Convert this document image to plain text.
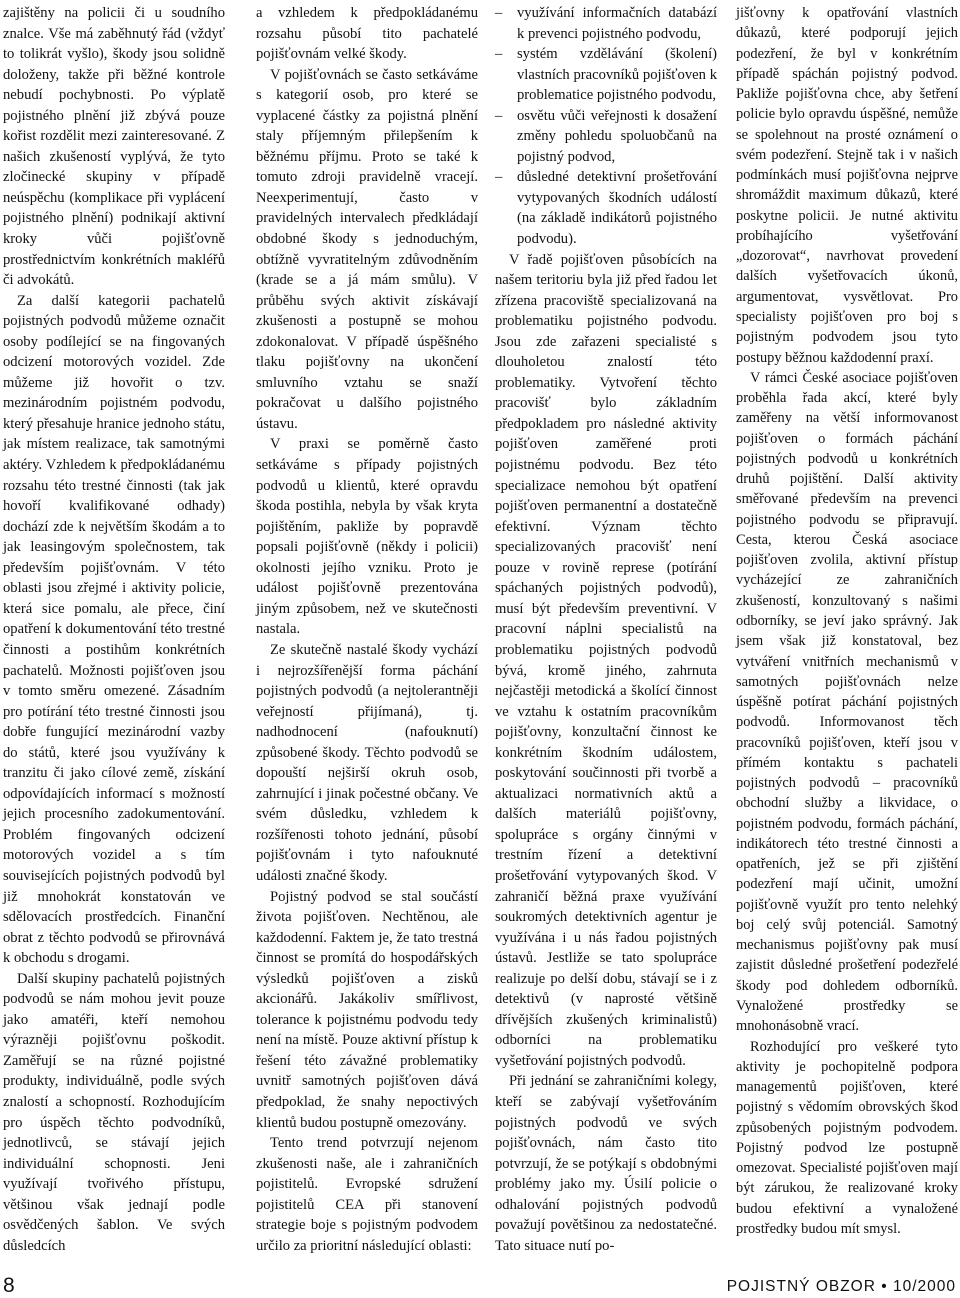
zajištěny na policii či u soudního znalce. Vše má zaběhnutý řád (vždyť to tolikrát vyšlo), škody jsou solidně doloženy, takže při běžné kontrole nebudí pochybnosti. Po výplatě pojistného plnění již zbývá pouze kořist rozdělit mezi zainteresované. Z našich zkušeností vyplývá, že tyto zločinecké skupiny v případě neúspěchu (komplikace při vyplácení pojistného plnění) podnikají aktivní kroky vůči pojišťovně prostřednictvím konkrétních makléřů či advokátů.

Za další kategorii pachatelů pojistných podvodů můžeme označit osoby podílející se na fingovaných odcizení motorových vozidel. Zde můžeme již hovořit o tzv. mezinárodním pojistném podvodu, který přesahuje hranice jednoho státu, jak místem realizace, tak samotnými aktéry. Vzhledem k předpokládanému rozsahu této trestné činnosti (tak jak hovoří kvalifikované odhady) dochází zde k největším škodám a to jak leasingovým společnostem, tak především pojišťovnám. V této oblasti jsou zřejmé i aktivity policie, která sice pomalu, ale přece, činí opatření k dokumentování této trestné činnosti a postihům konkrétních pachatelů. Možnosti pojišťoven jsou v tomto směru omezené. Zásadním pro potírání této trestné činnosti jsou dobře fungující mezinárodní vazby do států, které jsou využívány k tranzitu či jako cílové země, získání odpovídajících informací s možností jejich procesního zadokumentování. Problém fingovaných odcizení motorových vozidel a s tím souvisejících pojistných podvodů byl již mnohokrát konstatován ve sdělovacích prostředcích. Finanční obrat z těchto podvodů se přirovnává k obchodu s drogami.

Další skupiny pachatelů pojistných podvodů se nám mohou jevit pouze jako amatéři, kteří nemohou výrazněji pojišťovnu poškodit. Zaměřují se na různé pojistné produkty, individuálně, podle svých znalostí a schopností. Rozhodujícím pro úspěch těchto podvodníků, jednotlivců, se stávají jejich individuální schopnosti. Jeni využívají tvořivého přístupu, většinou však jednají podle osvědčených šablon. Ve svých důsledcích

a vzhledem k předpokládanému rozsahu působí tito pachatelé pojišťovnám velké škody.

V pojišťovnách se často setkáváme s kategorií osob, pro které se vyplacené částky za pojistná plnění staly příjemným přilepšením k běžnému příjmu. Proto se také k tomuto zdroji pravidelně vracejí. Neexperimentují, často v pravidelných intervalech předkládají obdobné škody s jednoduchým, obtížně vyvratitelným zdůvodněním (krade se a já mám smůlu). V průběhu svých aktivit získávají zkušenosti a postupně se mohou zdokonalovat. V případě úspěšného tlaku pojišťovny na ukončení smluvního vztahu se snaží pokračovat u dalšího pojistného ústavu.

V praxi se poměrně často setkáváme s případy pojistných podvodů u klientů, které opravdu škoda postihla, nebyla by však kryta pojištěním, pakliže by popravdě popsali pojišťovně (někdy i policii) okolnosti jejího vzniku. Proto je událost pojišťovně prezentována jiným způsobem, než ve skutečnosti nastala.

Ze skutečně nastalé škody vychází i nejrozšířenější forma páchání pojistných podvodů (a nejtolerantněji veřejností přijímaná), tj. nadhodnocení (nafouknutí) způsobené škody. Těchto podvodů se dopouští nejširší okruh osob, zahrnující i jinak počestné občany. Ve svém důsledku, vzhledem k rozšířenosti tohoto jednání, působí pojišťovnám i tyto nafouknuté události značné škody.

Pojistný podvod se stal součástí života pojišťoven. Nechtěnou, ale každodenní. Faktem je, že tato trestná činnost se promítá do hospodářských výsledků pojišťoven a zisků akcionářů. Jakákoliv smířlivost, tolerance k pojistnému podvodu tedy není na místě. Pouze aktivní přístup k řešení této závažné problematiky uvnitř samotných pojišťoven dává předpoklad, že snahy nepoctivých klientů budou postupně omezovány.

Tento trend potvrzují nejenom zkušenosti naše, ale i zahraničních pojistitelů. Evropské sdružení pojistitelů CEA při stanovení strategie boje s pojistným podvodem určilo za prioritní následující oblasti:

– využívání informačních databází k prevenci pojistného podvodu,
– systém vzdělávání (školení) vlastních pracovníků pojišťoven k problematice pojistného podvodu,
– osvětu vůči veřejnosti k dosažení změny pohledu spoluobčanů na pojistný podvod,
– důsledné detektivní prošetřování vytypovaných škodních událostí (na základě indikátorů pojistného podvodu).

V řadě pojišťoven působících na našem teritoriu byla již před řadou let zřízena pracoviště specializovaná na problematiku pojistného podvodu. Jsou zde zařazeni specialisté s dlouholetou znalostí této problematiky. Vytvoření těchto pracovišť bylo základním předpokladem pro následné aktivity pojišťoven zaměřené proti pojistnému podvodu. Bez této specializace nemohou být opatření pojišťoven permanentní a dostatečně efektivní. Význam těchto specializovaných pracovišť není pouze v rovině represe (potírání spáchaných pojistných podvodů), musí být především preventivní. V pracovní náplni specialistů na problematiku pojistných podvodů bývá, kromě jiného, zahrnuta nejčastěji metodická a školící činnost ve vztahu k ostatním pracovníkům pojišťovny, konzultační činnost ke konkrétním škodním událostem, poskytování součinnosti při tvorbě a aktualizaci normativních aktů a dalších materiálů pojišťovny, spolupráce s orgány činnými v trestním řízení a detektivní prošetřování vytypovaných škod. V zahraničí běžná praxe využívání soukromých detektivních agentur je využívána i u nás řadou pojistných ústavů. Jestliže se tato spolupráce realizuje po delší dobu, stávají se i z detektivů (v naprosté většině dřívějších zkušených kriminalistů) odborníci na problematiku vyšetřování pojistných podvodů.

Při jednání se zahraničními kolegy, kteří se zabývají vyšetřováním pojistných podvodů ve svých pojišťovnách, nám často tito potvrzují, že se potýkají s obdobnými problémy jako my. Úsilí policie o odhalování pojistných podvodů považují povětšinou za nedostatečné. Tato situace nutí po-

jišťovny k opatřování vlastních důkazů, které podporují jejich podezření, že byl v konkrétním případě spáchán pojistný podvod. Pakliže pojišťovna chce, aby šetření policie bylo opravdu úspěšné, nemůže se spolehnout na prosté oznámení o svém podezření. Stejně tak i v našich podmínkách musí pojišťovna nejprve shromáždit maximum důkazů, které poskytne policii. Je nutné aktivitu probíhajícího vyšetřování „dozorovat“, navrhovat provedení dalších vyšetřovacích úkonů, argumentovat, vysvětlovat. Pro specialisty pojišťoven pro boj s pojistným podvodem jsou tyto postupy běžnou každodenní praxí.

V rámci České asociace pojišťoven proběhla řada akcí, které byly zaměřeny na větší informovanost pojišťoven o formách páchání pojistných podvodů u konkrétních druhů pojištění. Další aktivity směřované především na prevenci pojistného podvodu se připravují. Cesta, kterou Česká asociace pojišťoven zvolila, aktivní přístup vycházející ze zahraničních zkušeností, konzultovaný s našimi odborníky, se jeví jako správný. Jak jsem však již konstatoval, bez vytváření vnitřních mechanismů v samotných pojišťovnách nelze úspěšně potírat páchání pojistných podvodů. Informovanost těch pracovníků pojišťoven, kteří jsou v přímém kontaktu s pachateli pojistných podvodů – pracovníků obchodní služby a likvidace, o pojistném podvodu, formách páchání, indikátorech této trestné činnosti a opatřeních, jež se při zjištění podezření mají učinit, umožní pojišťovně využít pro tento nelehký boj celý svůj potenciál. Samotný mechanismus pojišťovny pak musí zajistit důsledné prošetření podezřelé škody pod dohledem odborníků. Vynaložené prostředky se mnohonásobně vrací.

Rozhodující pro veškeré tyto aktivity je pochopitelně podpora managementů pojišťoven, které pojistný s vědomím obrovských škod způsobených pojistným podvodem. Pojistný podvod lze postupně omezovat. Specialisté pojišťoven mají být zárukou, že realizované kroky budou efektivní a vynaložené prostředky budou mít smysl.

8	POJISTNÝ OBZOR • 10/2000
